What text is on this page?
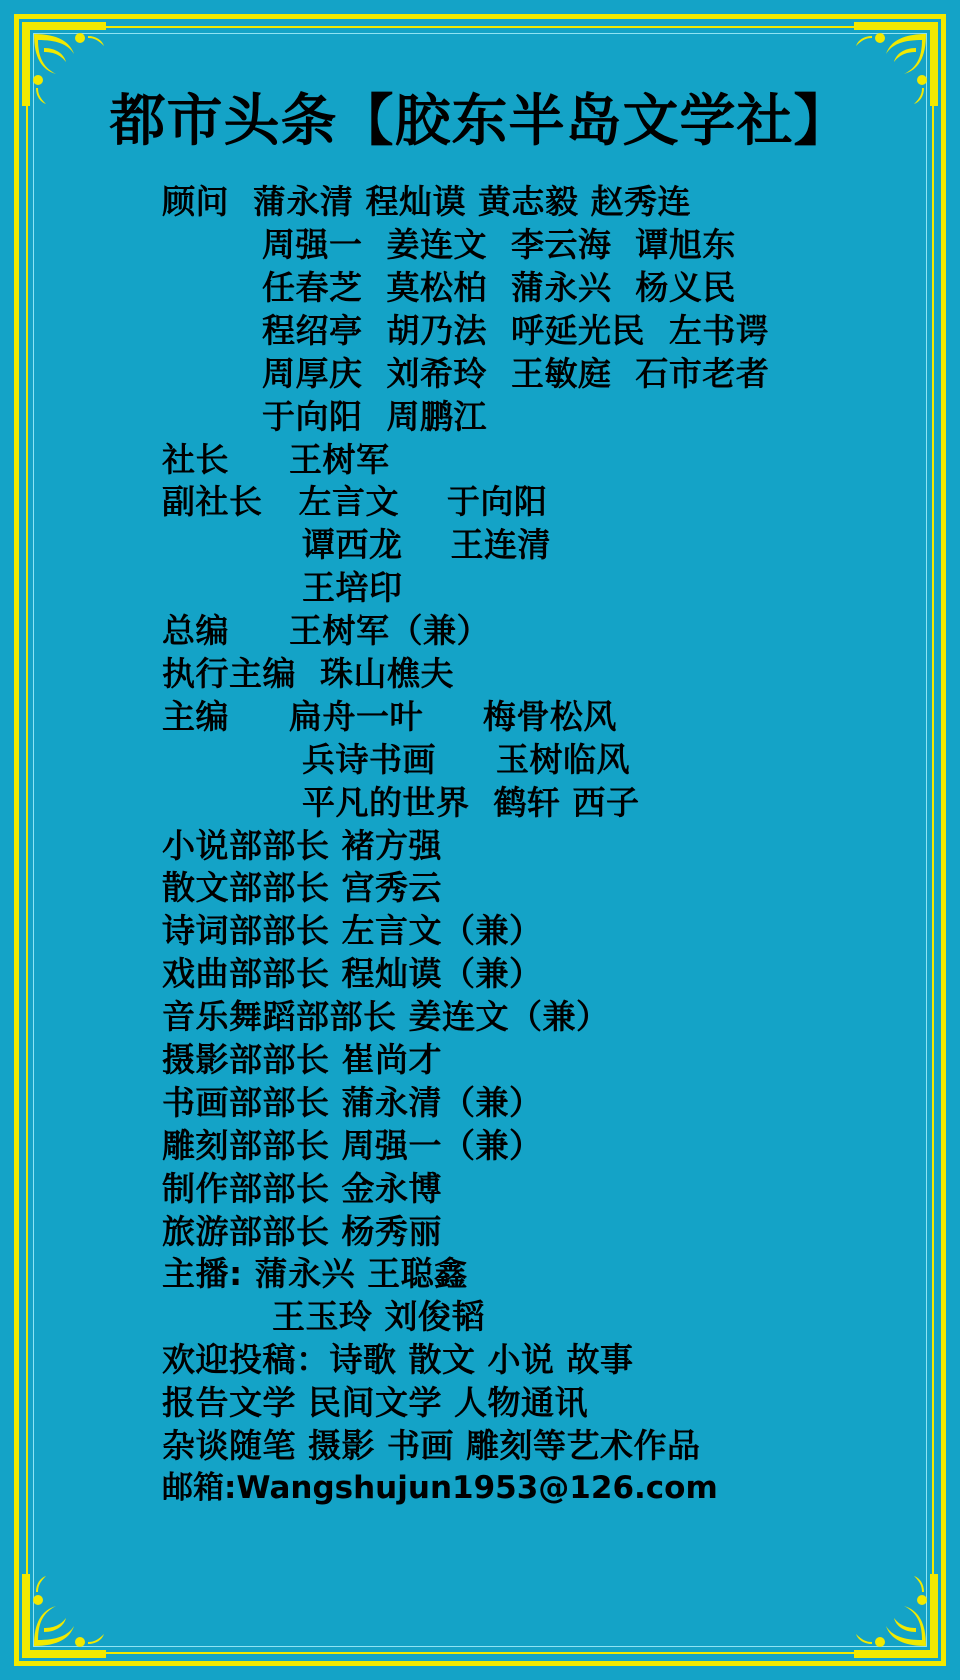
都市头条【胶东半岛文学社】
顾问  蒲永清 程灿谟 黄志毅 赵秀连
周强一  姜连文  李云海  谭旭东
任春芝  莫松柏  蒲永兴  杨义民
程绍亭  胡乃法  呼延光民  左书谔
周厚庆  刘希玲  王敏庭  石市老者
于向阳  周鹏江
社长     王树军
副社长   左言文    于向阳
谭西龙    王连清
王培印
总编     王树军（兼）
执行主编  珠山樵夫
主编     扁舟一叶     梅骨松风
兵诗书画     玉树临风
平凡的世界  鹤轩 西子
小说部部长 褚方强
散文部部长 宫秀云
诗词部部长 左言文（兼）
戏曲部部长 程灿谟（兼）
音乐舞蹈部部长 姜连文（兼）
摄影部部长 崔尚才
书画部部长 蒲永清（兼）
雕刻部部长 周强一（兼）
制作部部长 金永博
旅游部部长 杨秀丽
主播: 蒲永兴 王聪鑫
王玉玲 刘俊韬
欢迎投稿：诗歌 散文 小说 故事
报告文学 民间文学 人物通讯
杂谈随笔 摄影 书画 雕刻等艺术作品
邮箱:Wangshujun1953@126.com
